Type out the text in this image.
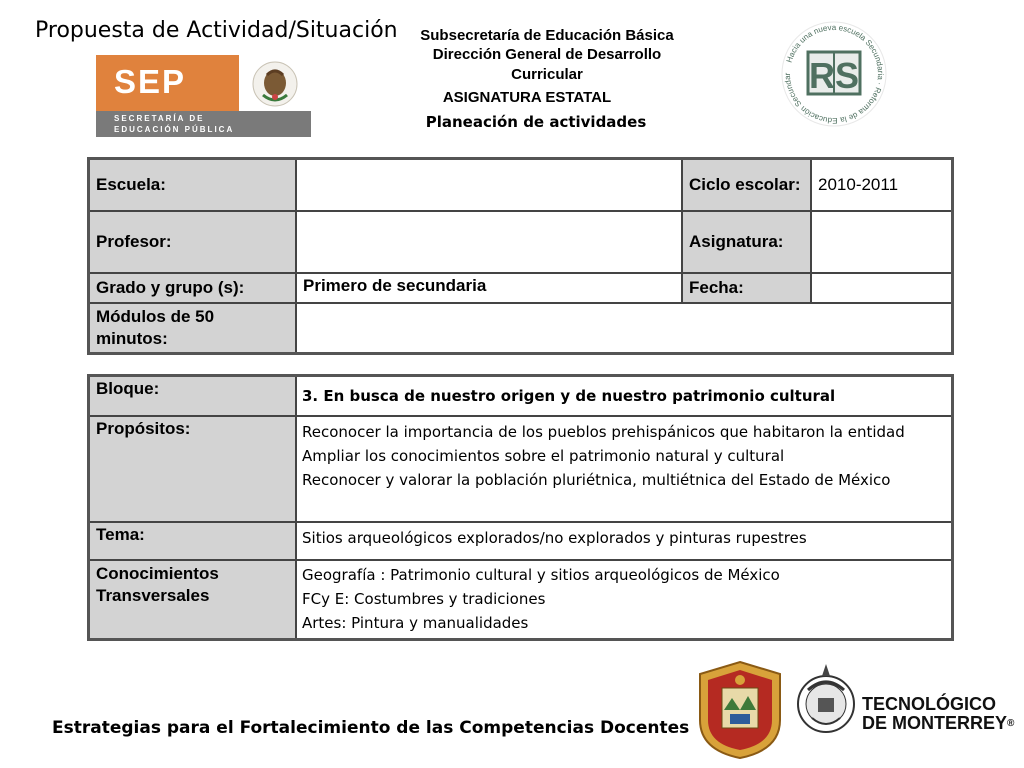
Propuesta de Actividad/Situación	Subsecretaría de Educación Básica
Dirección General de Desarrollo
Curricular
ASIGNATURA ESTATAL
Planeación de actividades
SEP
SECRETARÍA DE
EDUCACIÓN PÚBLICA
RS
Hacia una nueva escuela Secundaria · Reforma de la Educación Secundar
Escuela:		Ciclo escolar:	2010-2011
Profesor:		Asignatura:	
Grado y grupo (s):	Primero de secundaria	Fecha:	
Módulos de 50 minutos:			
Bloque:	3. En busca de nuestro origen y de nuestro patrimonio cultural
Propósitos:	Reconocer la importancia de los pueblos prehispánicos que habitaron la entidad
Ampliar los conocimientos sobre el patrimonio natural y cultural
Reconocer y valorar la población pluriétnica, multiétnica del Estado de México

Tema:	Sitios arqueológicos explorados/no explorados y pinturas rupestres
Conocimientos Transversales	Geografía : Patrimonio cultural y sitios arqueológicos de México
FCy E: Costumbres y tradiciones
Artes: Pintura y manualidades
Estrategias para el Fortalecimiento de las Competencias Docentes
TECNOLÓGICO
DE MONTERREY®
